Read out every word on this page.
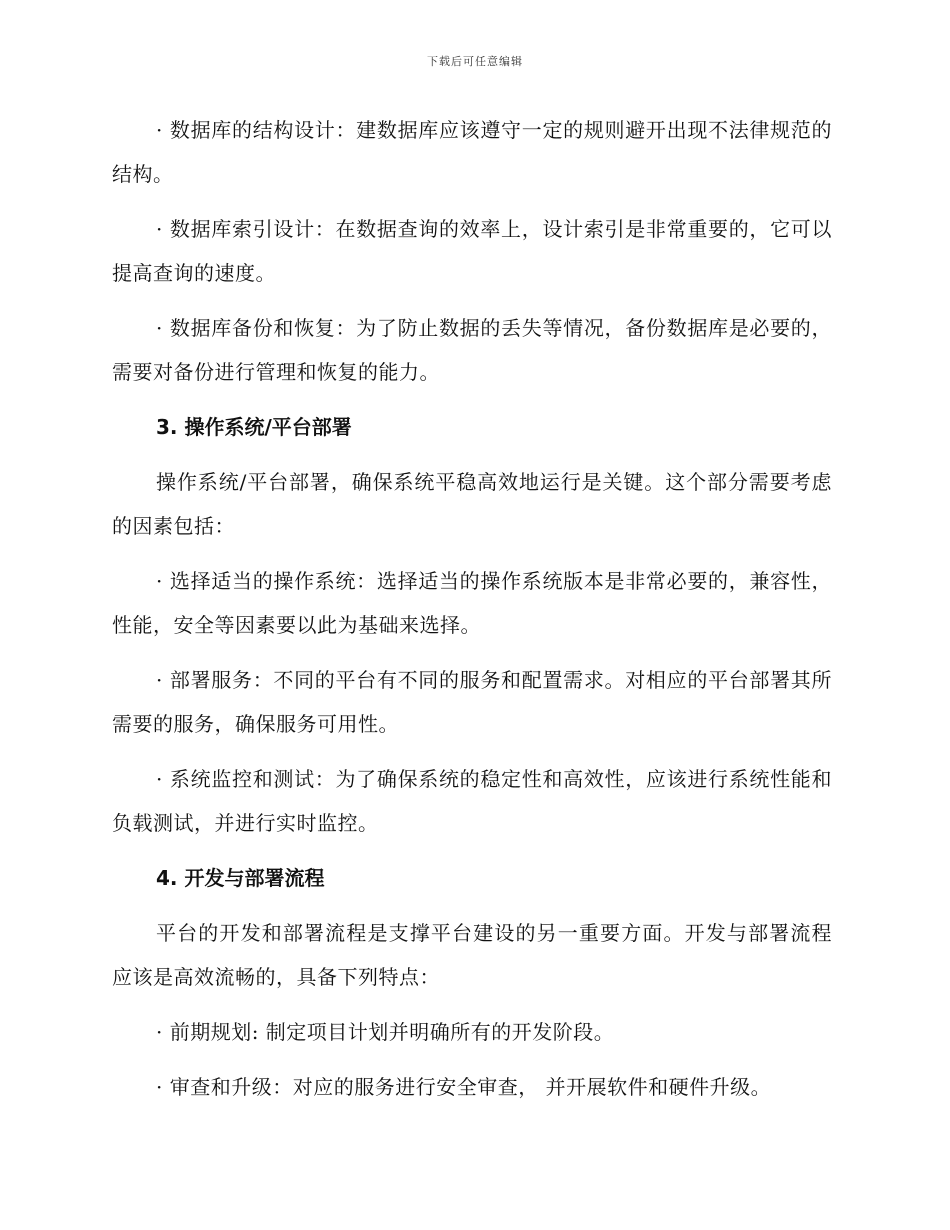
下载后可任意编辑

· 数据库的结构设计：建数据库应该遵守一定的规则避开出现不法律规范的结构。

· 数据库索引设计：在数据查询的效率上，设计索引是非常重要的，它可以提高查询的速度。

· 数据库备份和恢复：为了防止数据的丢失等情况，备份数据库是必要的，需要对备份进行管理和恢复的能力。

3. 操作系统/平台部署

操作系统/平台部署，确保系统平稳高效地运行是关键。这个部分需要考虑的因素包括：

· 选择适当的操作系统：选择适当的操作系统版本是非常必要的，兼容性，性能，安全等因素要以此为基础来选择。

· 部署服务：不同的平台有不同的服务和配置需求。对相应的平台部署其所需要的服务，确保服务可用性。

· 系统监控和测试：为了确保系统的稳定性和高效性，应该进行系统性能和负载测试，并进行实时监控。

4. 开发与部署流程

平台的开发和部署流程是支撑平台建设的另一重要方面。开发与部署流程应该是高效流畅的，具备下列特点：

· 前期规划: 制定项目计划并明确所有的开发阶段。

· 审查和升级：对应的服务进行安全审查， 并开展软件和硬件升级。
